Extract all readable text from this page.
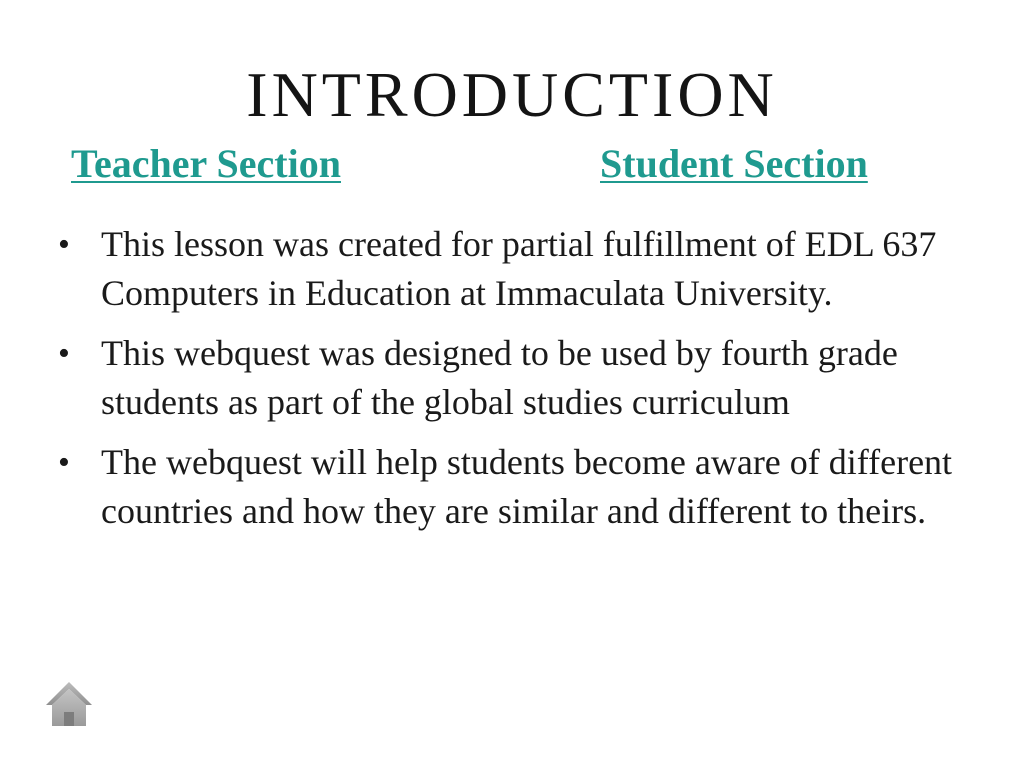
INTRODUCTION
Teacher Section	Student Section
• This lesson was created for partial fulfillment of EDL 637 Computers in Education at Immaculata University.
• This webquest was designed to be used by fourth grade students as part of the global studies curriculum
• The webquest will help students become aware of different countries and how they are similar and different to theirs.
